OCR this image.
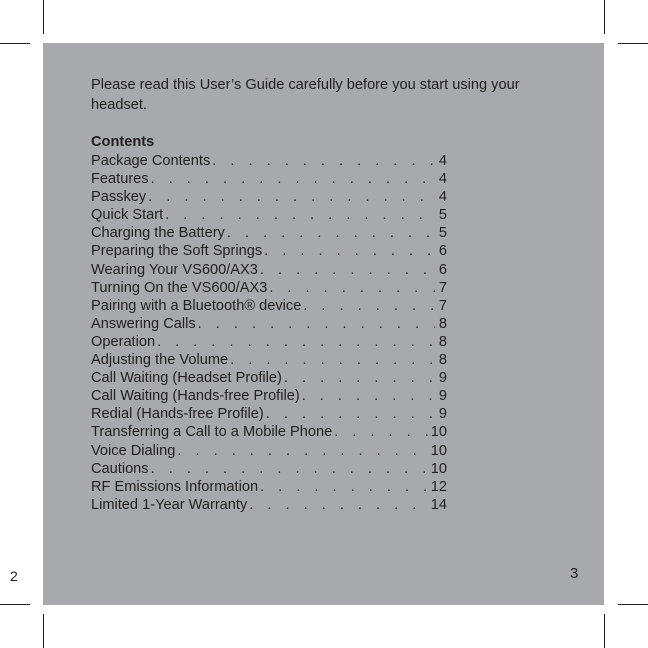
2
Please read this User’s Guide carefully before you start using your headset.
Contents
Package Contents . . .	4
Features . . .	4
Passkey . . .	4
Quick Start . . .	5
Charging the Battery . . .	5
Preparing the Soft Springs . . .	6
Wearing Your VS600/AX3 . . .	6
Turning On the VS600/AX3 . . .	7
Pairing with a Bluetooth® device . . .	7
Answering Calls . . .	8
Operation . . .	8
Adjusting the Volume . . .	8
Call Waiting (Headset Profile) . . .	9
Call Waiting (Hands-free Profile) . . .	9
Redial (Hands-free Profile) . . .	9
Transferring a Call to a Mobile Phone . . .	10
Voice Dialing . . .	10
Cautions . . .	10
RF Emissions Information . . .	12
Limited 1-Year Warranty . . .	14
3
